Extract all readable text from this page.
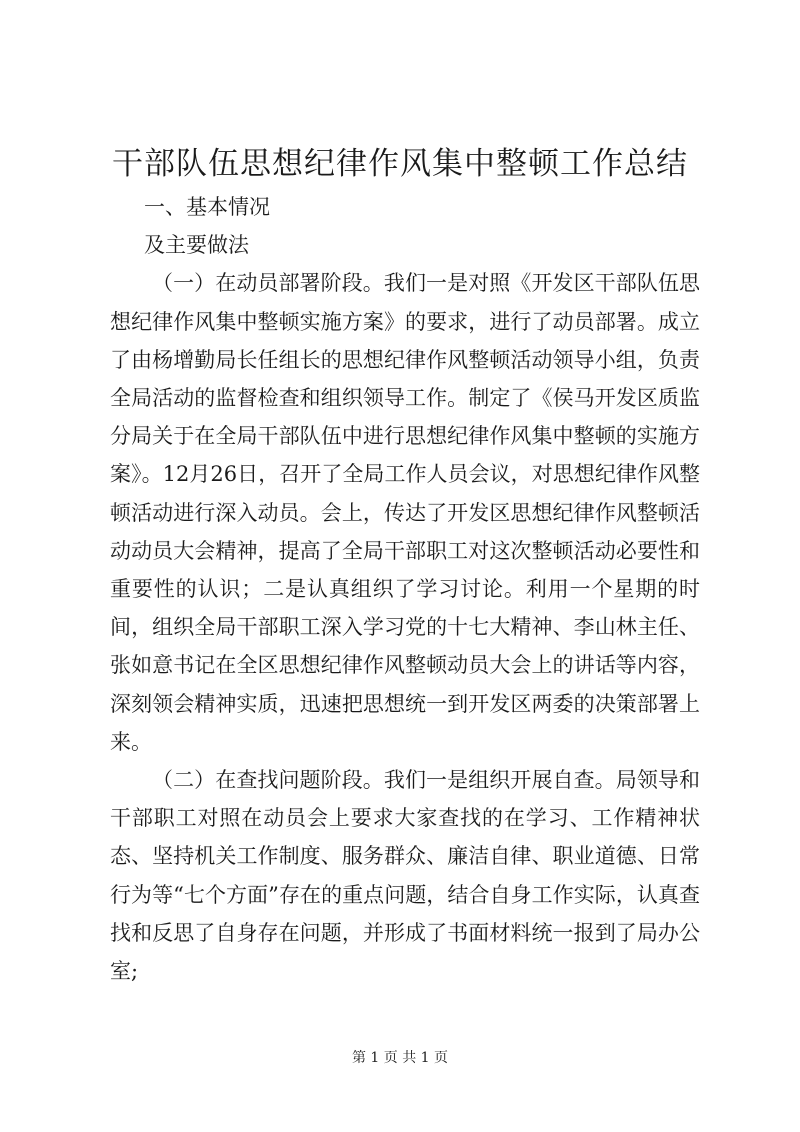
干部队伍思想纪律作风集中整顿工作总结

一、基本情况

及主要做法

（一）在动员部署阶段。我们一是对照《开发区干部队伍思想纪律作风集中整顿实施方案》的要求，进行了动员部署。成立了由杨增勤局长任组长的思想纪律作风整顿活动领导小组，负责全局活动的监督检查和组织领导工作。制定了《侯马开发区质监分局关于在全局干部队伍中进行思想纪律作风集中整顿的实施方案》。12月26日，召开了全局工作人员会议，对思想纪律作风整顿活动进行深入动员。会上，传达了开发区思想纪律作风整顿活动动员大会精神，提高了全局干部职工对这次整顿活动必要性和重要性的认识；二是认真组织了学习讨论。利用一个星期的时间，组织全局干部职工深入学习党的十七大精神、李山林主任、张如意书记在全区思想纪律作风整顿动员大会上的讲话等内容，深刻领会精神实质，迅速把思想统一到开发区两委的决策部署上来。

（二）在查找问题阶段。我们一是组织开展自查。局领导和干部职工对照在动员会上要求大家查找的在学习、工作精神状态、坚持机关工作制度、服务群众、廉洁自律、职业道德、日常行为等“七个方面”存在的重点问题，结合自身工作实际，认真查找和反思了自身存在问题，并形成了书面材料统一报到了局办公室;

第 1 页 共 1 页
